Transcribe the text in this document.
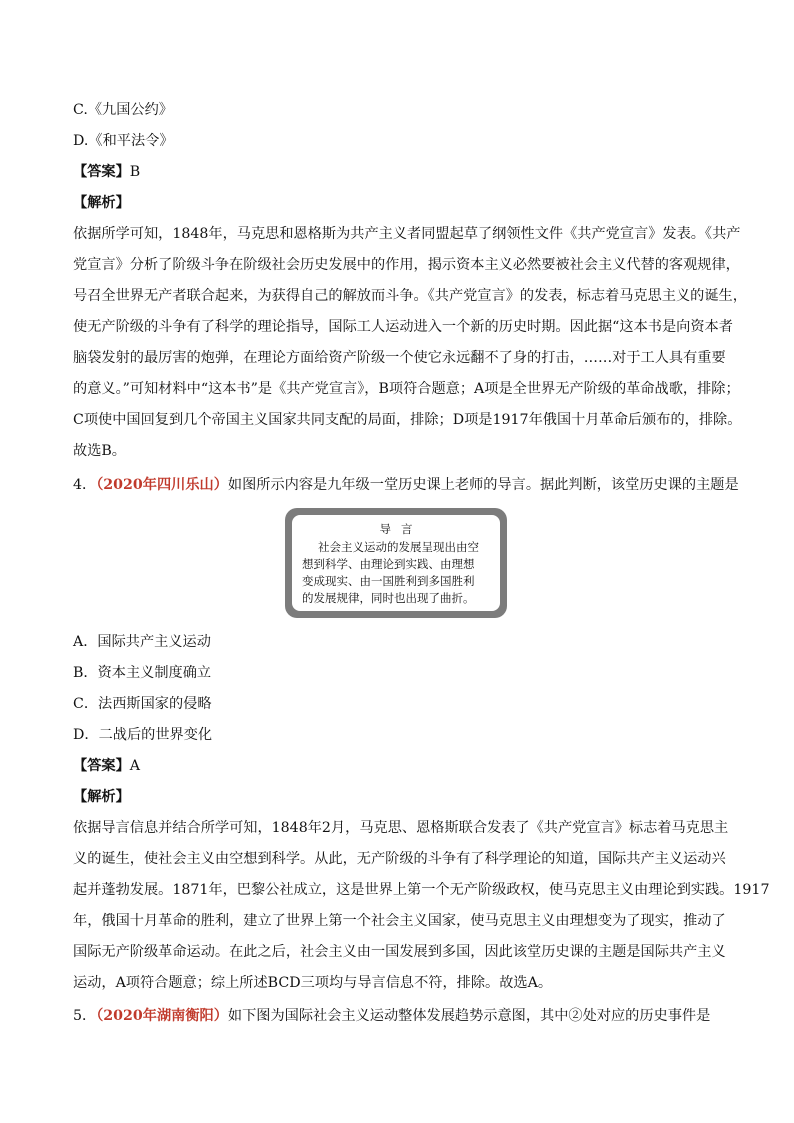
C.《九国公约》
D.《和平法令》
【答案】B
【解析】
依据所学可知，1848年，马克思和恩格斯为共产主义者同盟起草了纲领性文件《共产党宣言》发表。《共产
党宣言》分析了阶级斗争在阶级社会历史发展中的作用，揭示资本主义必然要被社会主义代替的客观规律，
号召全世界无产者联合起来，为获得自己的解放而斗争。《共产党宣言》的发表，标志着马克思主义的诞生，
使无产阶级的斗争有了科学的理论指导，国际工人运动进入一个新的历史时期。因此据“这本书是向资本者
脑袋发射的最厉害的炮弹，在理论方面给资产阶级一个使它永远翻不了身的打击，……对于工人具有重要
的意义。”可知材料中“这本书”是《共产党宣言》，B项符合题意；A项是全世界无产阶级的革命战歌，排除；
C项使中国回复到几个帝国主义国家共同支配的局面，排除；D项是1917年俄国十月革命后颁布的，排除。
故选B。
4．（2020年四川乐山）如图所示内容是九年级一堂历史课上老师的导言。据此判断，该堂历史课的主题是
导言
社会主义运动的发展呈现出由空
想到科学、由理论到实践、由理想
变成现实、由一国胜利到多国胜利
的发展规律，同时也出现了曲折。
A．国际共产主义运动
B．资本主义制度确立
C．法西斯国家的侵略
D．二战后的世界变化
【答案】A
【解析】
依据导言信息并结合所学可知，1848年2月，马克思、恩格斯联合发表了《共产党宣言》标志着马克思主
义的诞生，使社会主义由空想到科学。从此，无产阶级的斗争有了科学理论的知道，国际共产主义运动兴
起并蓬勃发展。1871年，巴黎公社成立，这是世界上第一个无产阶级政权，使马克思主义由理论到实践。1917
年，俄国十月革命的胜利，建立了世界上第一个社会主义国家，使马克思主义由理想变为了现实，推动了
国际无产阶级革命运动。在此之后，社会主义由一国发展到多国，因此该堂历史课的主题是国际共产主义
运动，A项符合题意；综上所述BCD三项均与导言信息不符，排除。故选A。
5．（2020年湖南衡阳）如下图为国际社会主义运动整体发展趋势示意图，其中②处对应的历史事件是
